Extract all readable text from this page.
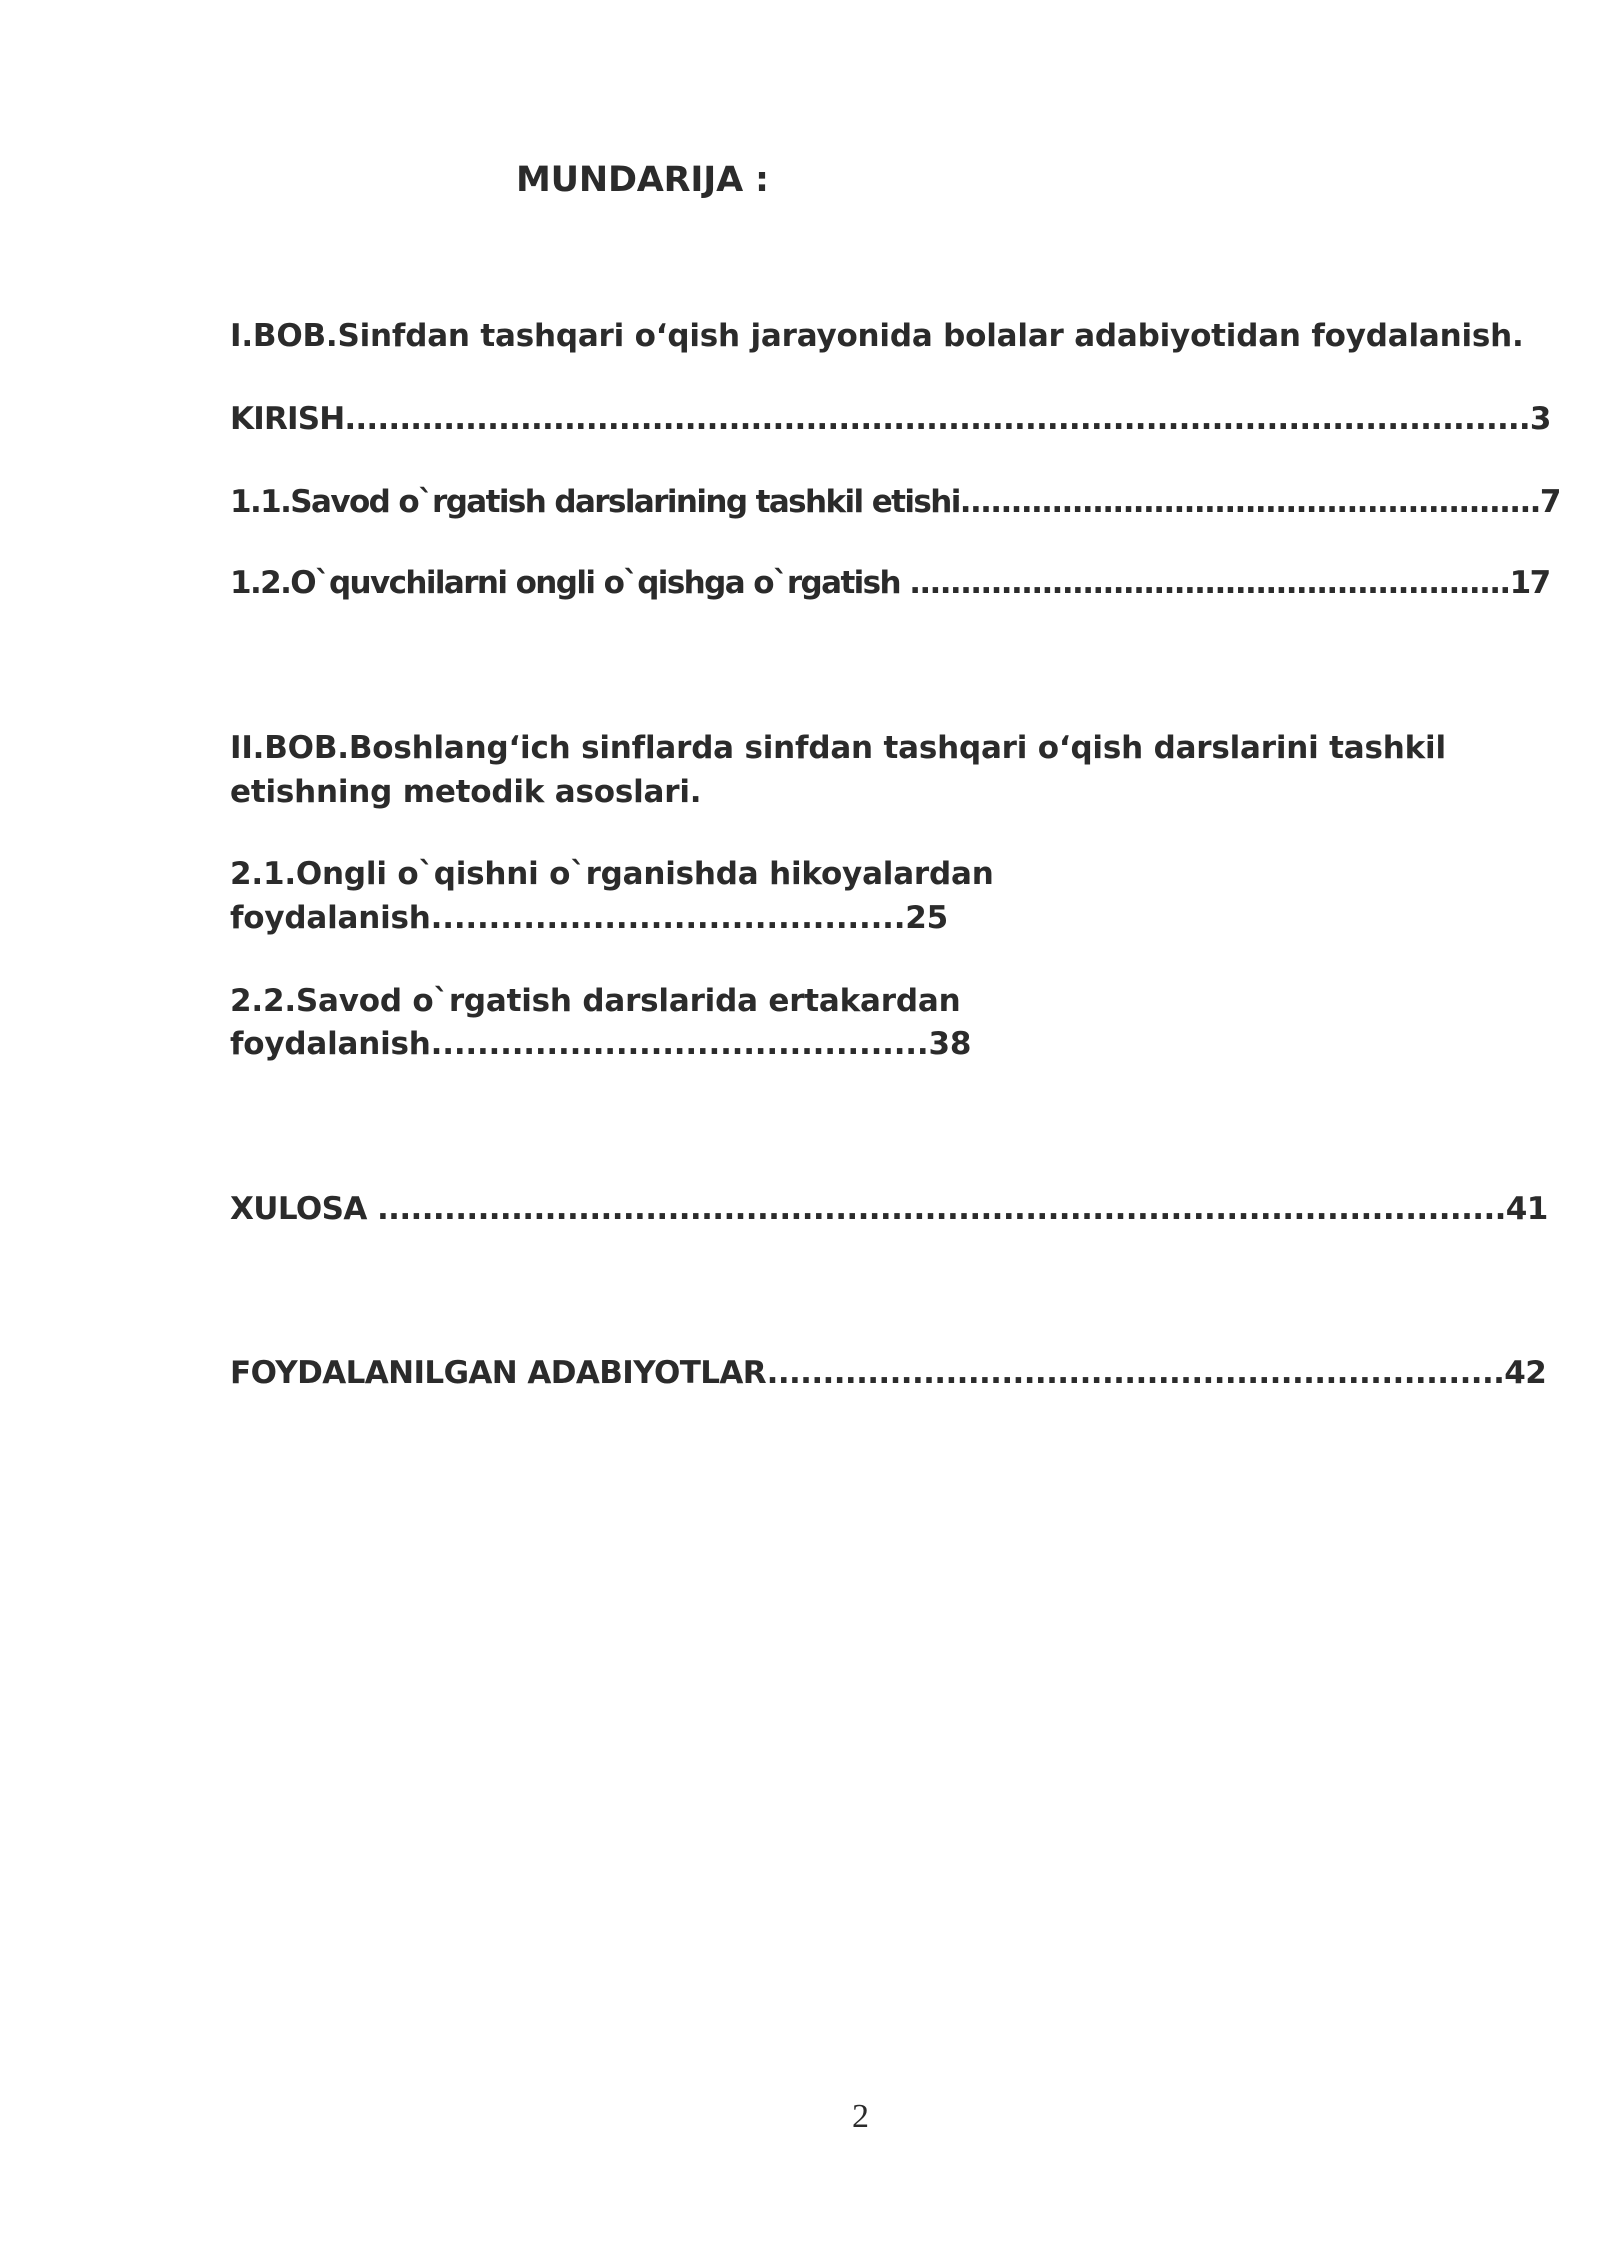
MUNDARIJA :
I.BOB.Sinfdan tashqari o‘qish jarayonida bolalar adabiyotidan foydalanish.
KIRISH............................................................................................................3
1.1.Savod o`rgatish darslarining tashkil etishi.........................................................7
1.2.O`quvchilarni ongli o`qishga o`rgatish ...........................................................17
II.BOB.Boshlang‘ich sinflarda sinfdan tashqari o‘qish darslarini tashkil
etishning metodik asoslari.
2.1.Ongli o`qishni o`rganishda hikoyalardan
foydalanish.........................................25
2.2.Savod o`rgatish darslarida ertakardan
foydalanish...........................................38
XULOSA .....................................................................................................41
FOYDALANILGAN ADABIYOTLAR..................................................................42
2
